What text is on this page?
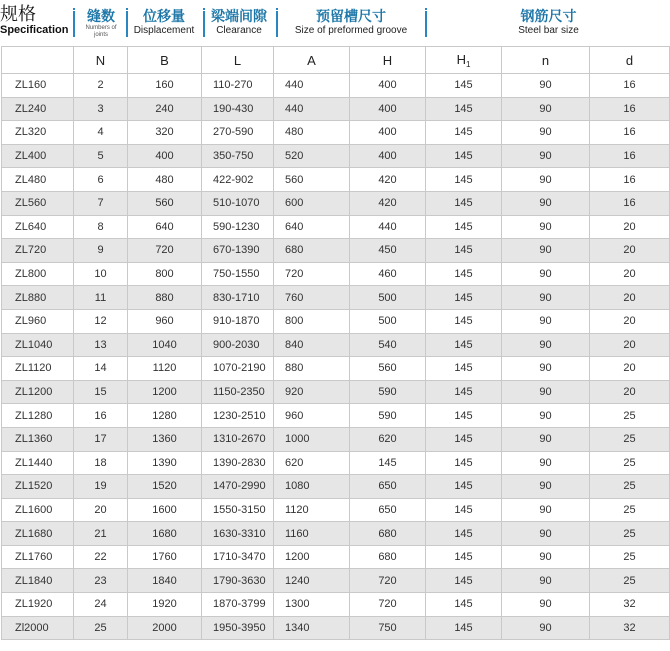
规格
Specification
缝数
Numbers of joints
位移量
Displacement
梁端间隙
Clearance
预留槽尺寸
Size of preformed groove
钢筋尺寸
Steel bar size
	N	B	L	A	H	$H_1$	n	d
ZL160	2	160	110-270	440	400	145	90	16
ZL240	3	240	190-430	440	400	145	90	16
ZL320	4	320	270-590	480	400	145	90	16
ZL400	5	400	350-750	520	400	145	90	16
ZL480	6	480	422-902	560	420	145	90	16
ZL560	7	560	510-1070	600	420	145	90	16
ZL640	8	640	590-1230	640	440	145	90	20
ZL720	9	720	670-1390	680	450	145	90	20
ZL800	10	800	750-1550	720	460	145	90	20
ZL880	11	880	830-1710	760	500	145	90	20
ZL960	12	960	910-1870	800	500	145	90	20
ZL1040	13	1040	900-2030	840	540	145	90	20
ZL1120	14	1120	1070-2190	880	560	145	90	20
ZL1200	15	1200	1150-2350	920	590	145	90	20
ZL1280	16	1280	1230-2510	960	590	145	90	25
ZL1360	17	1360	1310-2670	1000	620	145	90	25
ZL1440	18	1390	1390-2830	620	145	145	90	25
ZL1520	19	1520	1470-2990	1080	650	145	90	25
ZL1600	20	1600	1550-3150	1120	650	145	90	25
ZL1680	21	1680	1630-3310	1160	680	145	90	25
ZL1760	22	1760	1710-3470	1200	680	145	90	25
ZL1840	23	1840	1790-3630	1240	720	145	90	25
ZL1920	24	1920	1870-3799	1300	720	145	90	32
Zl2000	25	2000	1950-3950	1340	750	145	90	32
